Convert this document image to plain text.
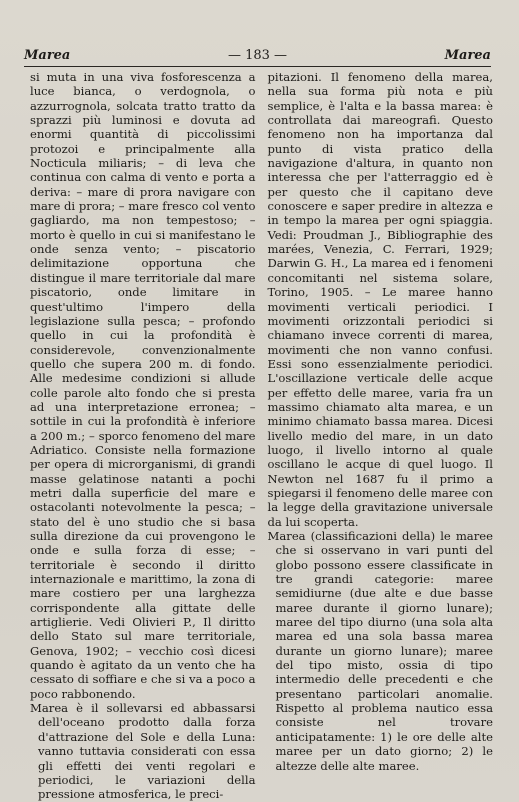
Marea	— 183 —	Marea

si muta in una viva fosforescenza a luce bianca, o verdognola, o azzurrognola, solcata tratto tratto da sprazzi più luminosi e dovuta ad enormi quantità di piccolissimi protozoi e principalmente alla Nocticula miliaris; – di leva che continua con calma di vento e porta a deriva: – mare di prora navigare con mare di prora; – mare fresco col vento gagliardo, ma non tempestoso; – morto è quello in cui si manifestano le onde senza vento; – piscatorio delimitazione opportuna che distingue il mare territoriale dal mare piscatorio, onde limitare in quest'ultimo l'impero della legislazione sulla pesca; – profondo quello in cui la profondità è considerevole, convenzionalmente quello che supera 200 m. di fondo. Alle medesime condizioni si allude colle parole alto fondo che si presta ad una interpretazione erronea; – sottile in cui la profondità è inferiore a 200 m.; – sporco fenomeno del mare Adriatico. Consiste nella formazione per opera di microrganismi, di grandi masse gelatinose natanti a pochi metri dalla superficie del mare e ostacolanti notevolmente la pesca; – stato del è uno studio che si basa sulla direzione da cui provengono le onde e sulla forza di esse; – territoriale è secondo il diritto internazionale e marittimo, la zona di mare costiero per una larghezza corrispondente alla gittate delle artiglierie. Vedi Olivieri P., Il diritto dello Stato sul mare territoriale, Genova, 1902; – vecchio così dicesi quando è agitato da un vento che ha cessato di soffiare e che si va a poco a poco rabbonendo.

Marea è il sollevarsi ed abbassarsi dell'oceano prodotto dalla forza d'attrazione del Sole e della Luna: vanno tuttavia considerati con essa gli effetti dei venti regolari e periodici, le variazioni della pressione atmosferica, le preci-

pitazioni. Il fenomeno della marea, nella sua forma più nota e più semplice, è l'alta e la bassa marea: è controllata dai mareografi. Questo fenomeno non ha importanza dal punto di vista pratico della navigazione d'altura, in quanto non interessa che per l'atterraggio ed è per questo che il capitano deve conoscere e saper predire in altezza e in tempo la marea per ogni spiaggia. Vedi: Proudman J., Bibliographie des marées, Venezia, C. Ferrari, 1929; Darwin G. H., La marea ed i fenomeni concomitanti nel sistema solare, Torino, 1905. – Le maree hanno movimenti verticali periodici. I movimenti orizzontali periodici si chiamano invece correnti di marea, movimenti che non vanno confusi. Essi sono essenzialmente periodici. L'oscillazione verticale delle acque per effetto delle maree, varia fra un massimo chiamato alta marea, e un minimo chiamato bassa marea. Dicesi livello medio del mare, in un dato luogo, il livello intorno al quale oscillano le acque di quel luogo. Il Newton nel 1687 fu il primo a spiegarsi il fenomeno delle maree con la legge della gravitazione universale da lui scoperta.

Marea (classificazioni della) le maree che si osservano in vari punti del globo possono essere classificate in tre grandi categorie: maree semidiurne (due alte e due basse maree durante il giorno lunare); maree del tipo diurno (una sola alta marea ed una sola bassa marea durante un giorno lunare); maree del tipo misto, ossia di tipo intermedio delle precedenti e che presentano particolari anomalie. Rispetto al problema nautico essa consiste nel trovare anticipatamente: 1) le ore delle alte maree per un dato giorno; 2) le altezze delle alte maree.
